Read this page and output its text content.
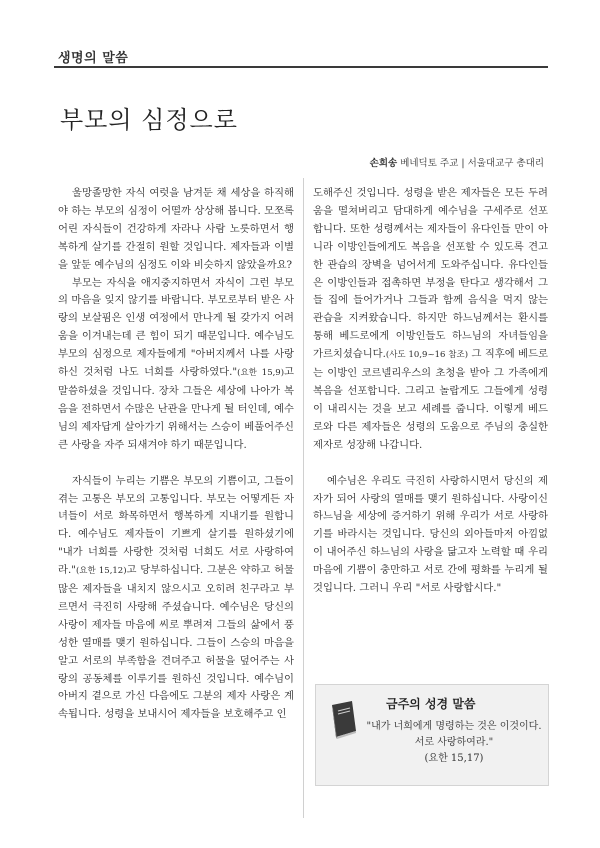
생명의 말씀
부모의 심정으로
손희송 베네딕토 주교 | 서울대교구 총대리

울망졸망한 자식 여럿을 남겨둔 채 세상을 하직해야 하는 부모의 심정이 어떨까 상상해 봅니다. 모쪼록 어린 자식들이 건강하게 자라나 사람 노릇하면서 행복하게 살기를 간절히 원할 것입니다. 제자들과 이별을 앞둔 예수님의 심정도 이와 비슷하지 않았을까요?

부모는 자식을 애지중지하면서 자식이 그런 부모의 마음을 잊지 않기를 바랍니다. 부모로부터 받은 사랑의 보살핌은 인생 여정에서 만나게 될 갖가지 어려움을 이겨내는데 큰 힘이 되기 때문입니다. 예수님도 부모의 심정으로 제자들에게 "아버지께서 나를 사랑하신 것처럼 나도 너희를 사랑하였다."(요한 15,9)고 말씀하셨을 것입니다. 장차 그들은 세상에 나아가 복음을 전하면서 수많은 난관을 만나게 될 터인데, 예수님의 제자답게 살아가기 위해서는 스승이 베풀어주신 큰 사랑을 자주 되새겨야 하기 때문입니다.

자식들이 누리는 기쁨은 부모의 기쁨이고, 그들이 겪는 고통은 부모의 고통입니다. 부모는 어떻게든 자녀들이 서로 화목하면서 행복하게 지내기를 원합니다. 예수님도 제자들이 기쁘게 살기를 원하셨기에 "내가 너희를 사랑한 것처럼 너희도 서로 사랑하여라."(요한 15,12)고 당부하십니다. 그분은 약하고 허물 많은 제자들을 내치지 않으시고 오히려 친구라고 부르면서 극진히 사랑해 주셨습니다. 예수님은 당신의 사랑이 제자들 마음에 씨로 뿌려져 그들의 삶에서 풍성한 열매를 맺기 원하십니다. 그들이 스승의 마음을 알고 서로의 부족함을 견뎌주고 허물을 덮어주는 사랑의 공동체를 이루기를 원하신 것입니다. 예수님이 아버지 곁으로 가신 다음에도 그분의 제자 사랑은 계속됩니다. 성령을 보내시어 제자들을 보호해주고 인

도해주신 것입니다. 성령을 받은 제자들은 모든 두려움을 떨쳐버리고 담대하게 예수님을 구세주로 선포합니다. 또한 성령께서는 제자들이 유다인들 만이 아니라 이방인들에게도 복음을 선포할 수 있도록 견고한 관습의 장벽을 넘어서게 도와주십니다. 유다인들은 이방인들과 접촉하면 부정을 탄다고 생각해서 그들 집에 들어가거나 그들과 함께 음식을 먹지 않는 관습을 지켜왔습니다. 하지만 하느님께서는 환시를 통해 베드로에게 이방인들도 하느님의 자녀들임을 가르치셨습니다.(사도 10,9~16 참조) 그 직후에 베드로는 이방인 코르넬리우스의 초청을 받아 그 가족에게 복음을 선포합니다. 그리고 놀랍게도 그들에게 성령이 내리시는 것을 보고 세례를 줍니다. 이렇게 베드로와 다른 제자들은 성령의 도움으로 주님의 충실한 제자로 성장해 나갑니다.

예수님은 우리도 극진히 사랑하시면서 당신의 제자가 되어 사랑의 열매를 맺기 원하십니다. 사랑이신 하느님을 세상에 증거하기 위해 우리가 서로 사랑하기를 바라시는 것입니다. 당신의 외아들마저 아낌없이 내어주신 하느님의 사랑을 닮고자 노력할 때 우리 마음에 기쁨이 충만하고 서로 간에 평화를 누리게 될 것입니다. 그러니 우리 "서로 사랑합시다."

금주의 성경 말씀
"내가 너희에게 명령하는 것은 이것이다. 서로 사랑하여라."
(요한 15,17)
